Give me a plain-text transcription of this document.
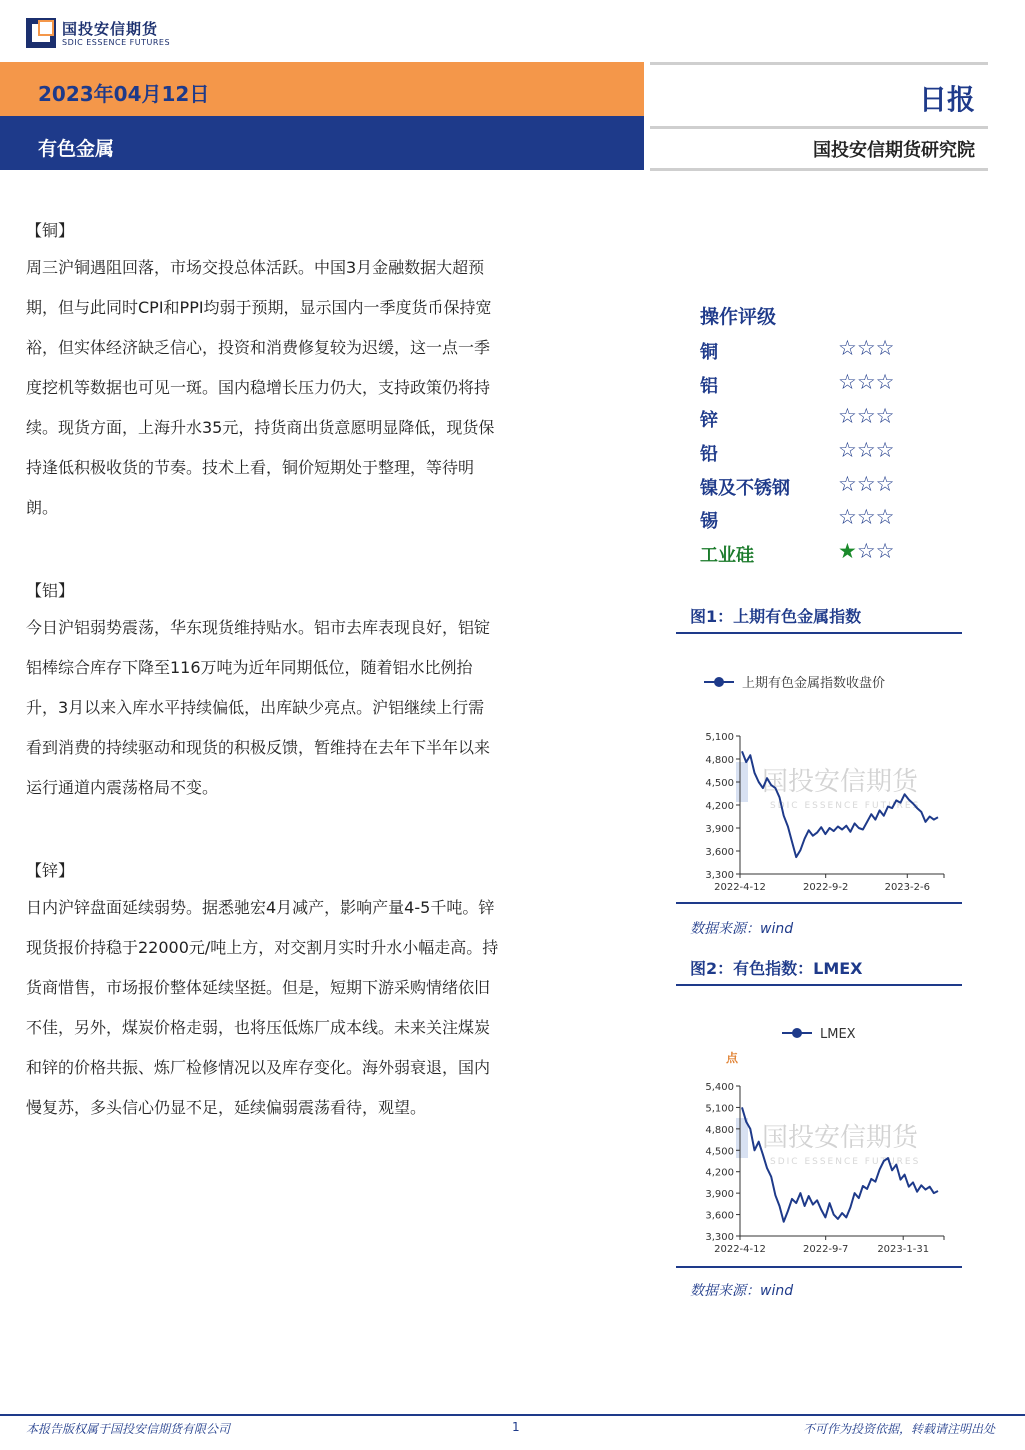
国投安信期货
SDIC ESSENCE FUTURES
2023年04月12日
有色金属
日报
国投安信期货研究院
【铜】
周三沪铜遇阻回落，市场交投总体活跃。中国3月金融数据大超预
期，但与此同时CPI和PPI均弱于预期，显示国内一季度货币保持宽
裕，但实体经济缺乏信心，投资和消费修复较为迟缓，这一点一季
度挖机等数据也可见一斑。国内稳增长压力仍大，支持政策仍将持
续。现货方面，上海升水35元，持货商出货意愿明显降低，现货保
持逢低积极收货的节奏。技术上看，铜价短期处于整理，等待明
朗。
【铝】
今日沪铝弱势震荡，华东现货维持贴水。铝市去库表现良好，铝锭
铝棒综合库存下降至116万吨为近年同期低位，随着铝水比例抬
升，3月以来入库水平持续偏低，出库缺少亮点。沪铝继续上行需
看到消费的持续驱动和现货的积极反馈，暂维持在去年下半年以来
运行通道内震荡格局不变。
【锌】
日内沪锌盘面延续弱势。据悉驰宏4月减产，影响产量4-5千吨。锌
现货报价持稳于22000元/吨上方，对交割月实时升水小幅走高。持
货商惜售，市场报价整体延续坚挺。但是，短期下游采购情绪依旧
不佳，另外，煤炭价格走弱，也将压低炼厂成本线。未来关注煤炭
和锌的价格共振、炼厂检修情况以及库存变化。海外弱衰退，国内
慢复苏，多头信心仍显不足，延续偏弱震荡看待，观望。
操作评级
铜	☆☆☆
铝	☆☆☆
锌	☆☆☆
铅	☆☆☆
镍及不锈钢 ☆☆☆
锡	☆☆☆
工业硅	★☆☆
图1：上期有色金属指数
上期有色金属指数收盘价
国投安信期货
SDIC ESSENCE FUTURES
5,100
4,800
4,500
4,200
3,900
3,600
3,300
2022-4-12	2022-9-2	2023-2-6
数据来源：wind
图2：有色指数：LMEX
LMEX
点
国投安信期货
SDIC ESSENCE FUTURES
5,400
5,100
4,800
4,500
4,200
3,900
3,600
3,300
2022-4-12	2022-9-7	2023-1-31
数据来源：wind
本报告版权属于国投安信期货有限公司	1	不可作为投资依据，转载请注明出处
